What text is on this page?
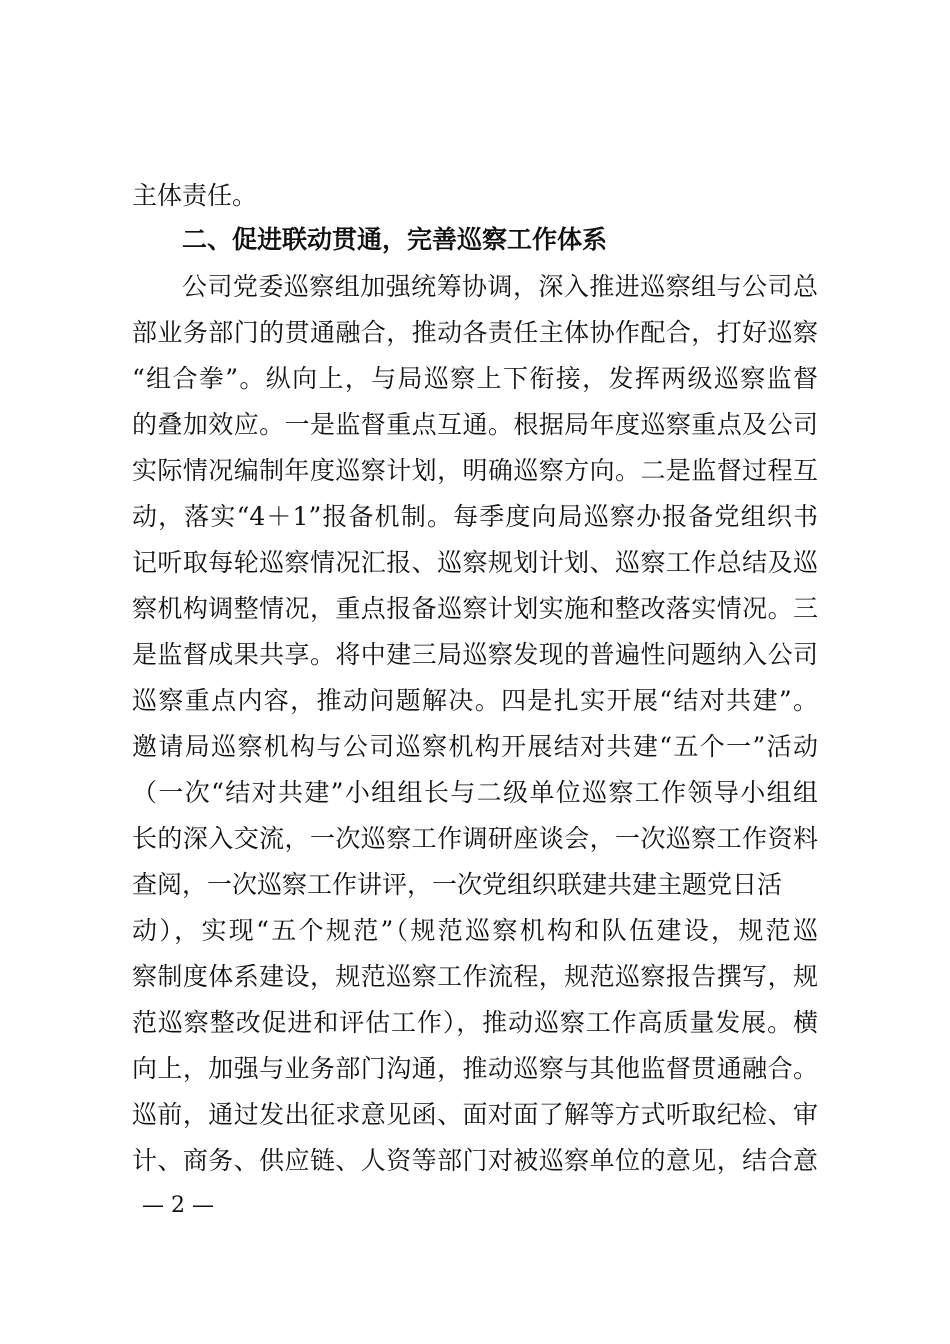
主体责任。
二、促进联动贯通，完善巡察工作体系
公司党委巡察组加强统筹协调，深入推进巡察组与公司总
部业务部门的贯通融合，推动各责任主体协作配合，打好巡察
“组合拳”。纵向上，与局巡察上下衔接，发挥两级巡察监督
的叠加效应。一是监督重点互通。根据局年度巡察重点及公司
实际情况编制年度巡察计划，明确巡察方向。二是监督过程互
动，落实“4＋1”报备机制。每季度向局巡察办报备党组织书
记听取每轮巡察情况汇报、巡察规划计划、巡察工作总结及巡
察机构调整情况，重点报备巡察计划实施和整改落实情况。三
是监督成果共享。将中建三局巡察发现的普遍性问题纳入公司
巡察重点内容，推动问题解决。四是扎实开展“结对共建”。
邀请局巡察机构与公司巡察机构开展结对共建“五个一”活动
（一次“结对共建”小组组长与二级单位巡察工作领导小组组
长的深入交流，一次巡察工作调研座谈会，一次巡察工作资料
查阅，一次巡察工作讲评，一次党组织联建共建主题党日活
动），实现“五个规范”（规范巡察机构和队伍建设，规范巡
察制度体系建设，规范巡察工作流程，规范巡察报告撰写，规
范巡察整改促进和评估工作），推动巡察工作高质量发展。横
向上，加强与业务部门沟通，推动巡察与其他监督贯通融合。
巡前，通过发出征求意见函、面对面了解等方式听取纪检、审
计、商务、供应链、人资等部门对被巡察单位的意见，结合意
— 2 —
